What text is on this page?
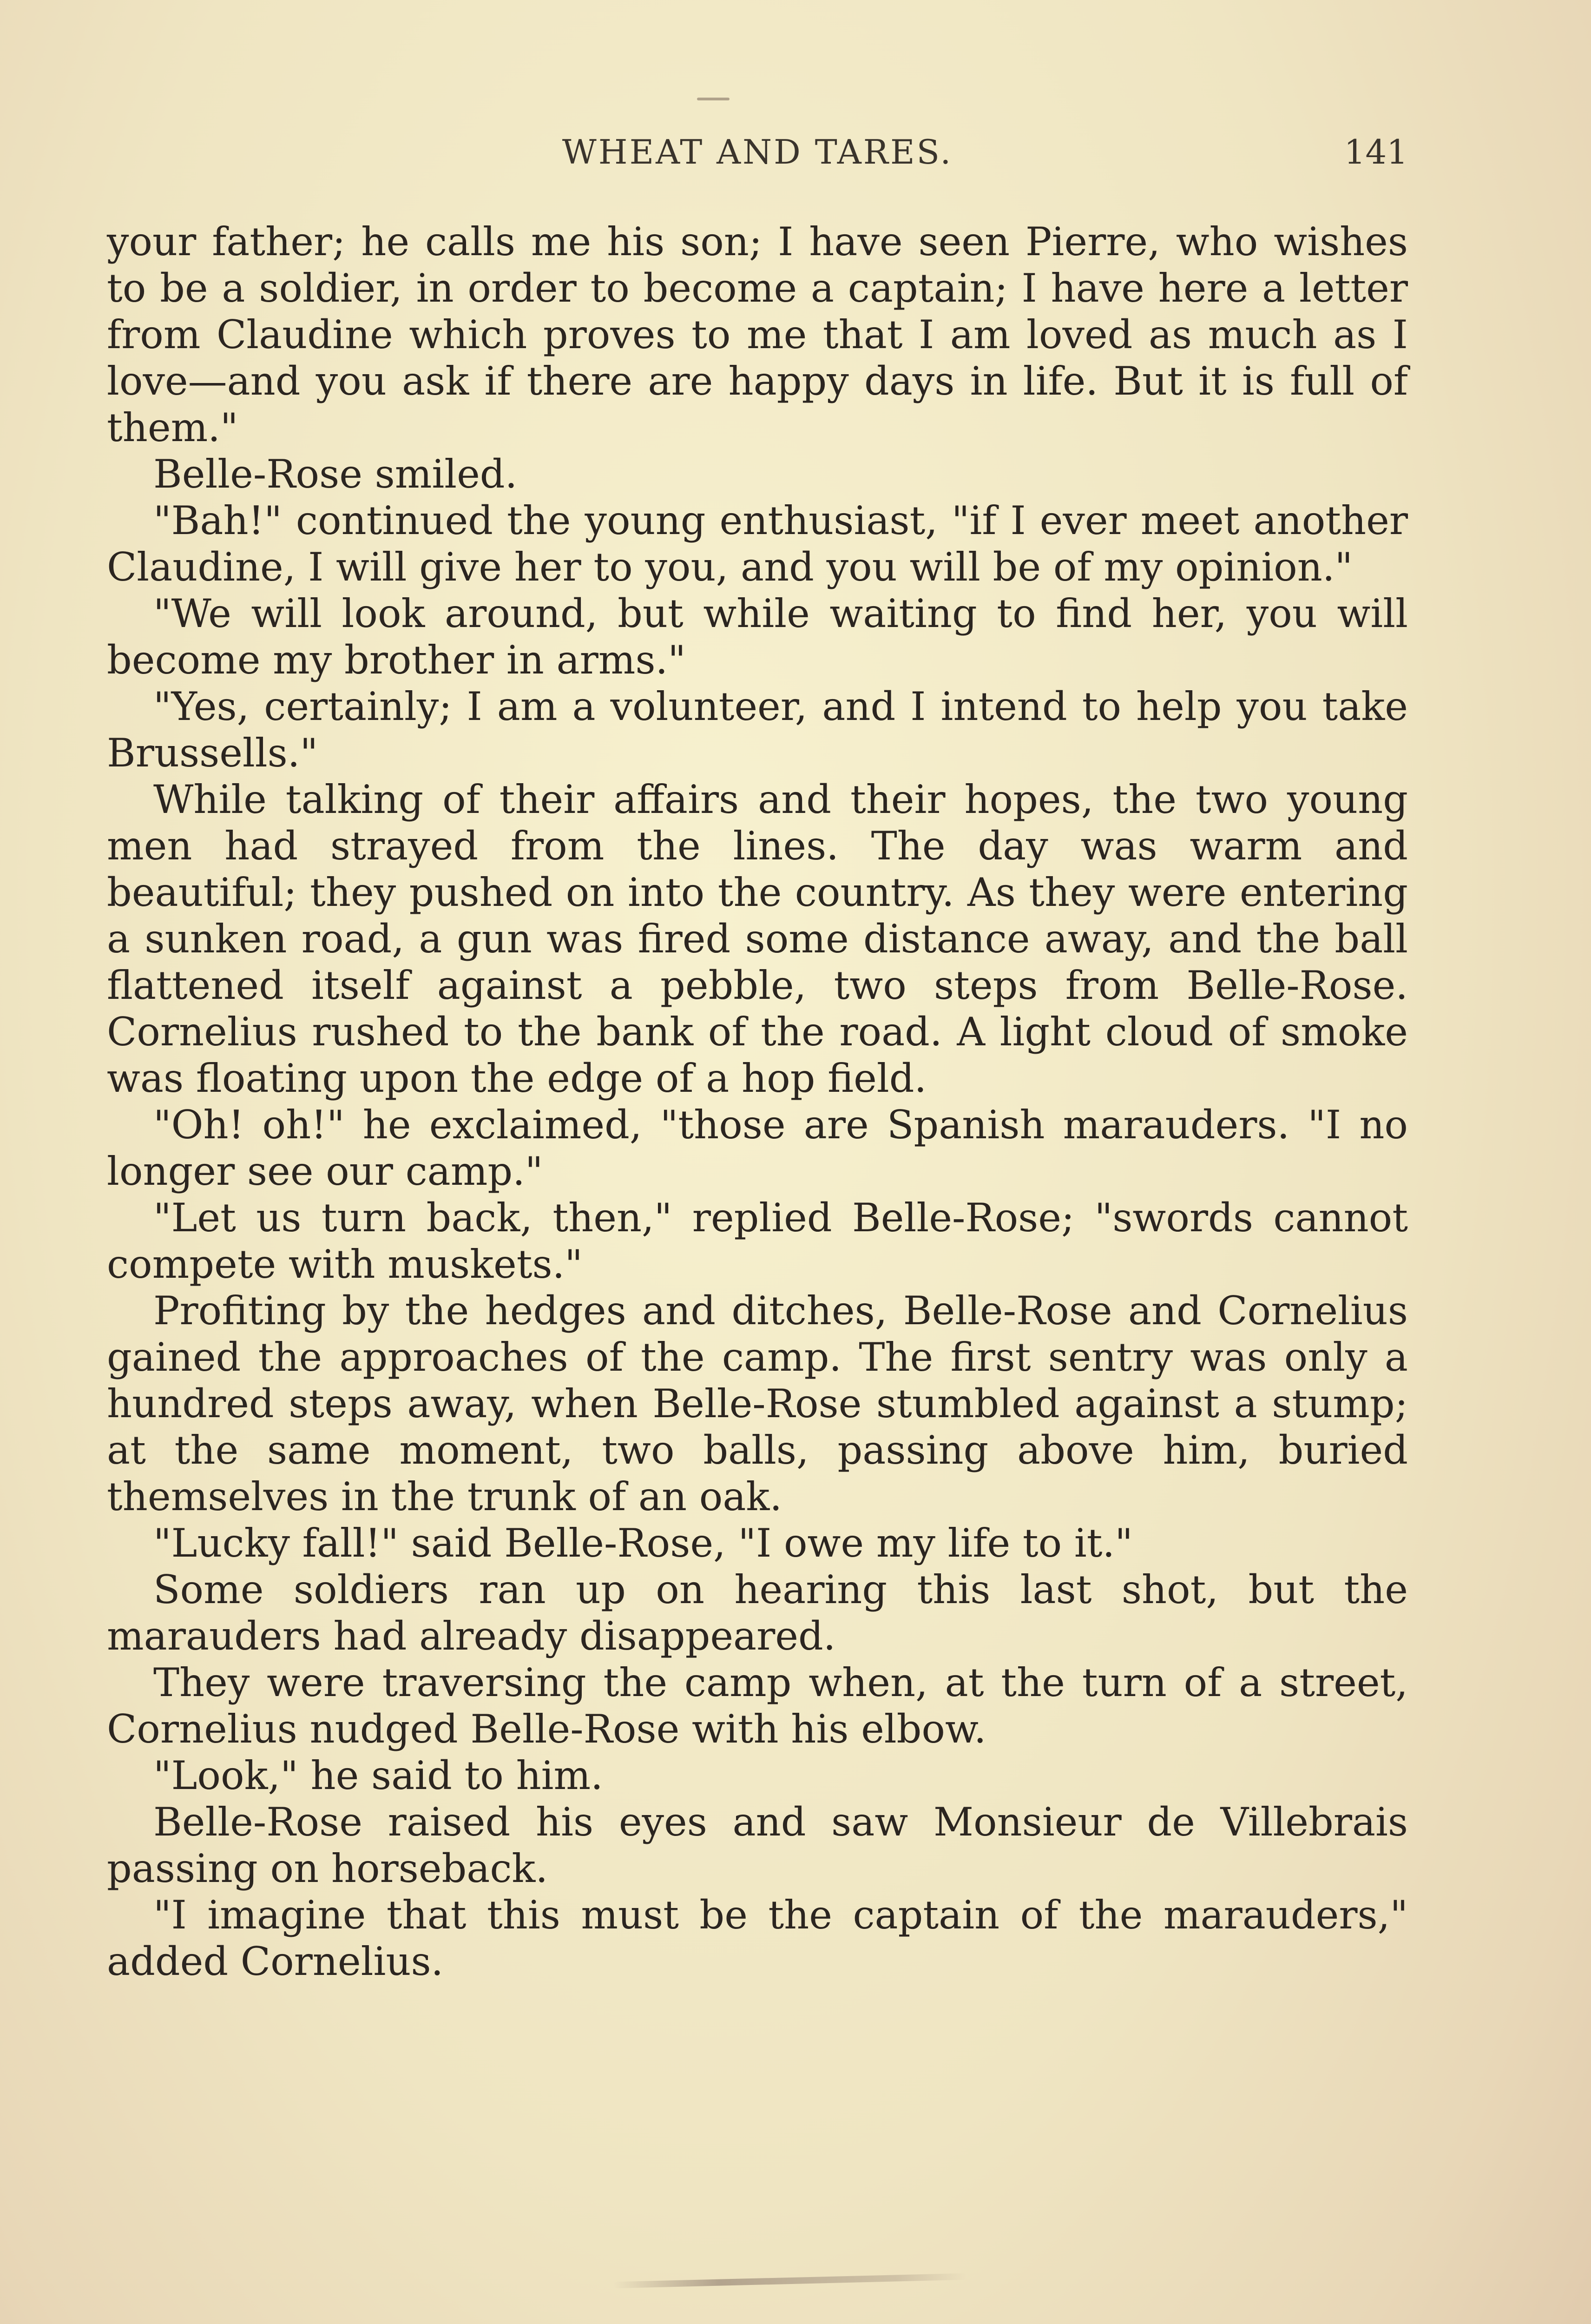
WHEAT AND TARES.	141

your father; he calls me his son; I have seen Pierre, who wishes to be a soldier, in order to become a captain; I have here a letter from Claudine which proves to me that I am loved as much as I love—and you ask if there are happy days in life. But it is full of them."

Belle-Rose smiled.

"Bah!" continued the young enthusiast, "if I ever meet another Claudine, I will give her to you, and you will be of my opinion."

"We will look around, but while waiting to find her, you will become my brother in arms."

"Yes, certainly; I am a volunteer, and I intend to help you take Brussells."

While talking of their affairs and their hopes, the two young men had strayed from the lines. The day was warm and beautiful; they pushed on into the country. As they were entering a sunken road, a gun was fired some distance away, and the ball flattened itself against a pebble, two steps from Belle-Rose. Cornelius rushed to the bank of the road. A light cloud of smoke was floating upon the edge of a hop field.

"Oh! oh!" he exclaimed, "those are Spanish marauders. "I no longer see our camp."

"Let us turn back, then," replied Belle-Rose; "swords cannot compete with muskets."

Profiting by the hedges and ditches, Belle-Rose and Cornelius gained the approaches of the camp. The first sentry was only a hundred steps away, when Belle-Rose stumbled against a stump; at the same moment, two balls, passing above him, buried themselves in the trunk of an oak.

"Lucky fall!" said Belle-Rose, "I owe my life to it."

Some soldiers ran up on hearing this last shot, but the marauders had already disappeared.

They were traversing the camp when, at the turn of a street, Cornelius nudged Belle-Rose with his elbow.

"Look," he said to him.

Belle-Rose raised his eyes and saw Monsieur de Villebrais passing on horseback.

"I imagine that this must be the captain of the marauders," added Cornelius.
